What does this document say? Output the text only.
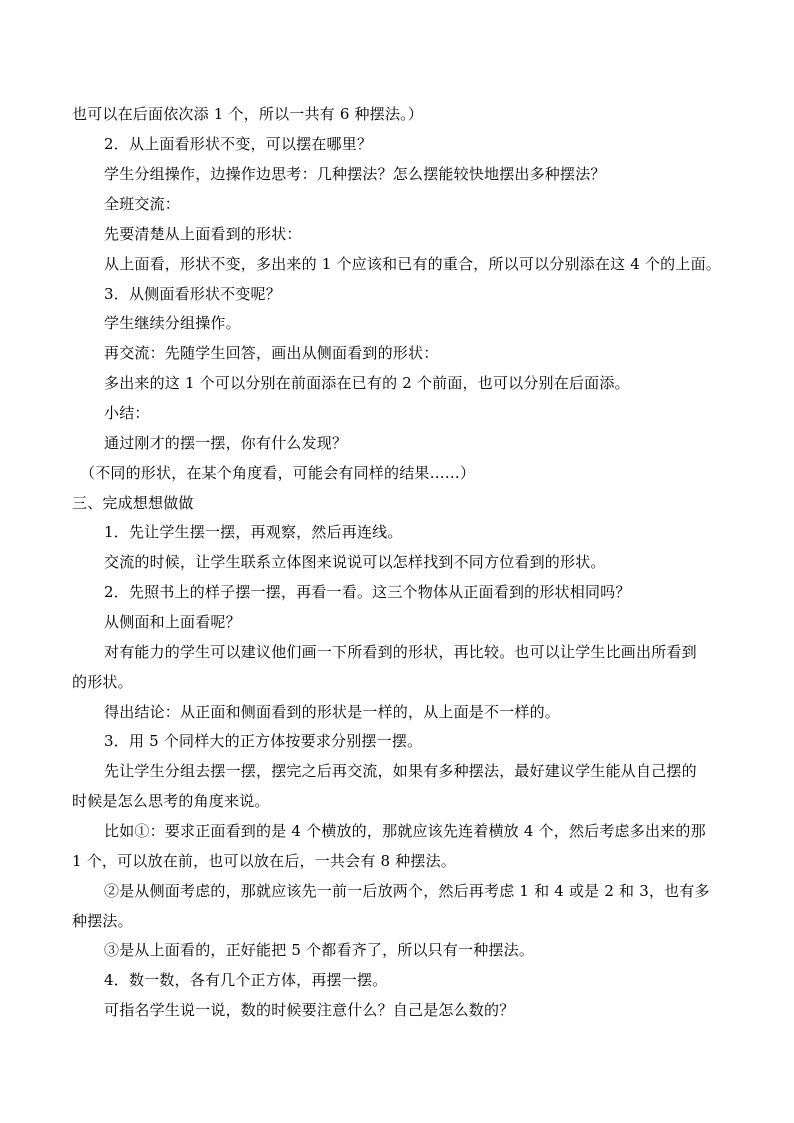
也可以在后面依次添 1 个，所以一共有 6 种摆法。）
2．从上面看形状不变，可以摆在哪里？
学生分组操作，边操作边思考：几种摆法？怎么摆能较快地摆出多种摆法？
全班交流：
先要清楚从上面看到的形状：
从上面看，形状不变，多出来的 1 个应该和已有的重合，所以可以分别添在这 4 个的上面。
3．从侧面看形状不变呢？
学生继续分组操作。
再交流：先随学生回答，画出从侧面看到的形状：
多出来的这 1 个可以分别在前面添在已有的 2 个前面，也可以分别在后面添。
小结：
通过刚才的摆一摆，你有什么发现？
（不同的形状，在某个角度看，可能会有同样的结果……）
三、完成想想做做
1．先让学生摆一摆，再观察，然后再连线。
交流的时候，让学生联系立体图来说说可以怎样找到不同方位看到的形状。
2．先照书上的样子摆一摆，再看一看。这三个物体从正面看到的形状相同吗？
从侧面和上面看呢？
对有能力的学生可以建议他们画一下所看到的形状，再比较。也可以让学生比画出所看到
的形状。
得出结论：从正面和侧面看到的形状是一样的，从上面是不一样的。
3．用 5 个同样大的正方体按要求分别摆一摆。
先让学生分组去摆一摆，摆完之后再交流，如果有多种摆法，最好建议学生能从自己摆的
时候是怎么思考的角度来说。
比如①：要求正面看到的是 4 个横放的，那就应该先连着横放 4 个，然后考虑多出来的那
1 个，可以放在前，也可以放在后，一共会有 8 种摆法。
②是从侧面考虑的，那就应该先一前一后放两个，然后再考虑 1 和 4 或是 2 和 3，也有多
种摆法。
③是从上面看的，正好能把 5 个都看齐了，所以只有一种摆法。
4．数一数，各有几个正方体，再摆一摆。
可指名学生说一说，数的时候要注意什么？自己是怎么数的？
